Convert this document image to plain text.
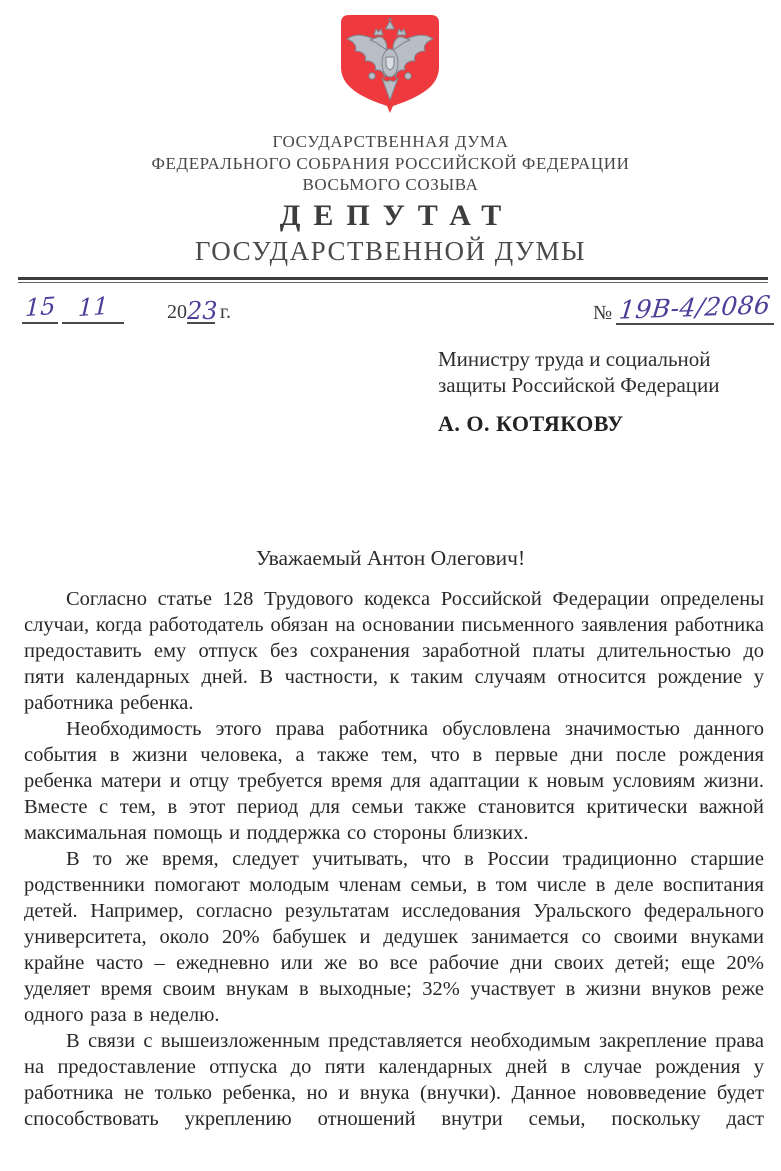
ГОСУДАРСТВЕННАЯ ДУМА
ФЕДЕРАЛЬНОГО СОБРАНИЯ РОССИЙСКОЙ ФЕДЕРАЦИИ
ВОСЬМОГО СОЗЫВА
ДЕПУТАТ
ГОСУДАРСТВЕННОЙ ДУМЫ
15 11	2023 г.	№ 19В-4/2086
Министру труда и социальной
защиты Российской Федерации
А. О. КОТЯКОВУ
Уважаемый Антон Олегович!

Согласно статье 128 Трудового кодекса Российской Федерации определены случаи, когда работодатель обязан на основании письменного заявления работника предоставить ему отпуск без сохранения заработной платы длительностью до пяти календарных дней. В частности, к таким случаям относится рождение у работника ребенка.

Необходимость этого права работника обусловлена значимостью данного события в жизни человека, а также тем, что в первые дни после рождения ребенка матери и отцу требуется время для адаптации к новым условиям жизни. Вместе с тем, в этот период для семьи также становится критически важной максимальная помощь и поддержка со стороны близких.

В то же время, следует учитывать, что в России традиционно старшие родственники помогают молодым членам семьи, в том числе в деле воспитания детей. Например, согласно результатам исследования Уральского федерального университета, около 20% бабушек и дедушек занимается со своими внуками крайне часто – ежедневно или же во все рабочие дни своих детей; еще 20% уделяет время своим внукам в выходные; 32% участвует в жизни внуков реже одного раза в неделю.

В связи с вышеизложенным представляется необходимым закрепление права на предоставление отпуска до пяти календарных дней в случае рождения у работника не только ребенка, но и внука (внучки). Данное нововведение будет способствовать укреплению отношений внутри семьи, поскольку даст
